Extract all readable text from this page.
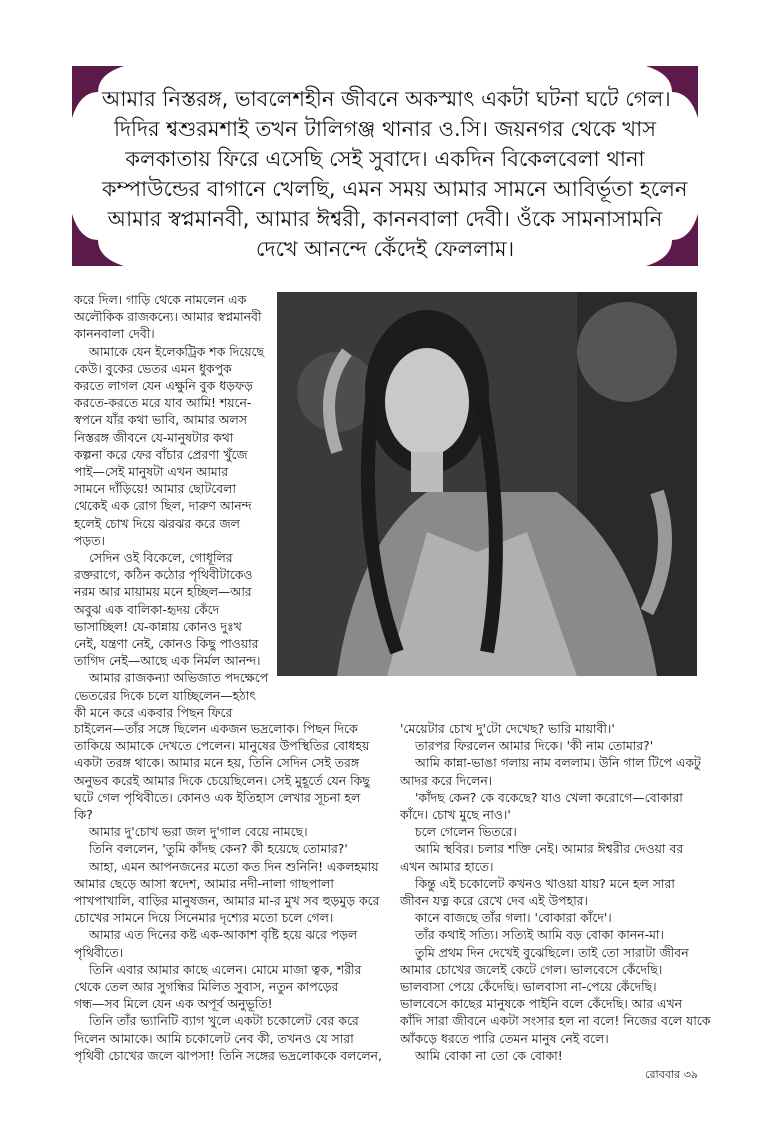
আমার নিস্তরঙ্গ, ভাবলেশহীন জীবনে অকস্মাৎ একটা ঘটনা ঘটে গেল।
দিদির শ্বশুরমশাই তখন টালিগঞ্জ থানার ও.সি। জয়নগর থেকে খাস
কলকাতায় ফিরে এসেছি সেই সুবাদে। একদিন বিকেলবেলা থানা
কম্পাউন্ডের বাগানে খেলছি, এমন সময় আমার সামনে আবির্ভূতা হলেন
আমার স্বপ্নমানবী, আমার ঈশ্বরী, কাননবালা দেবী। ওঁকে সামনাসামনি
দেখে আনন্দে কেঁদেই ফেললাম।

করে দিল। গাড়ি থেকে নামলেন এক

অলৌকিক রাজকন্যে। আমার স্বপ্নমানবী

কাননবালা দেবী।

আমাকে যেন ইলেকট্রিক শক দিয়েছে

কেউ। বুকের ভেতর এমন ধুকপুক

করতে লাগল যেন এক্ষুনি বুক ধড়ফড়

করতে-করতে মরে যাব আমি! শয়নে-

স্বপনে যাঁর কথা ভাবি, আমার অলস

নিস্তরঙ্গ জীবনে যে-মানুষটার কথা

কল্পনা করে ফের বাঁচার প্রেরণা খুঁজে

পাই—সেই মানুষটা এখন আমার

সামনে দাঁড়িয়ে! আমার ছোটবেলা

থেকেই এক রোগ ছিল, দারুণ আনন্দ

হলেই চোখ দিয়ে ঝরঝর করে জল

পড়ত।

সেদিন ওই বিকেলে, গোধূলির

রক্তরাগে, কঠিন কঠোর পৃথিবীটাকেও

নরম আর মায়াময় মনে হচ্ছিল—আর

অবুঝ এক বালিকা-হৃদয় কেঁদে

ভাসাচ্ছিল! যে-কান্নায় কোনও দুঃখ

নেই, যন্ত্রণা নেই, কোনও কিছু পাওয়ার

তাগিদ নেই—আছে এক নির্মল আনন্দ।

আমার রাজকন্যা অভিজাত পদক্ষেপে

ভেতরের দিকে চলে যাচ্ছিলেন—হঠাৎ

কী মনে করে একবার পিছন ফিরে

চাইলেন—তাঁর সঙ্গে ছিলেন একজন ভদ্রলোক। পিছন দিকে

তাকিয়ে আমাকে দেখতে পেলেন। মানুষের উপস্থিতির বোধহয়

একটা তরঙ্গ থাকে। আমার মনে হয়, তিনি সেদিন সেই তরঙ্গ

অনুভব করেই আমার দিকে চেয়েছিলেন। সেই মুহূর্তে যেন কিছু

ঘটে গেল পৃথিবীতে। কোনও এক ইতিহাস লেখার সূচনা হল

কি?

আমার দু'চোখ ভরা জল দু'গাল বেয়ে নামছে।

তিনি বললেন, 'তুমি কাঁদছ কেন? কী হয়েছে তোমার?'

আহা, এমন আপনজনের মতো কত দিন শুনিনি! একলহমায়

আমার ছেড়ে আসা স্বদেশ, আমার নদী-নালা গাছপালা

পাখপাখালি, বাড়ির মানুষজন, আমার মা-র মুখ সব হুড়মুড় করে

চোখের সামনে দিয়ে সিনেমার দৃশ্যের মতো চলে গেল।

আমার এত দিনের কষ্ট এক-আকাশ বৃষ্টি হয়ে ঝরে পড়ল

পৃথিবীতে।

তিনি এবার আমার কাছে এলেন। মোমে মাজা ত্বক, শরীর

থেকে তেল আর সুগন্ধির মিলিত সুবাস, নতুন কাপড়ের

গন্ধ—সব মিলে যেন এক অপূর্ব অনুভূতি!

তিনি তাঁর ভ্যানিটি ব্যাগ খুলে একটা চকোলেট বের করে

দিলেন আমাকে। আমি চকোলেট নেব কী, তখনও যে সারা

পৃথিবী চোখের জলে ঝাপসা! তিনি সঙ্গের ভদ্রলোককে বললেন,

'মেয়েটার চোখ দু'টো দেখেছ? ভারি মায়াবী।'

তারপর ফিরলেন আমার দিকে। 'কী নাম তোমার?'

আমি কান্না-ভাঙা গলায় নাম বললাম। উনি গাল টিপে একটু

আদর করে দিলেন।

'কাঁদছ কেন? কে বকেছে? যাও খেলা করোগে—বোকারা

কাঁদে। চোখ মুছে নাও।'

চলে গেলেন ভিতরে।

আমি স্থবির। চলার শক্তি নেই। আমার ঈশ্বরীর দেওয়া বর

এখন আমার হাতে।

কিন্তু এই চকোলেট কখনও খাওয়া যায়? মনে হল সারা

জীবন যত্ন করে রেখে দেব এই উপহার।

কানে বাজছে তাঁর গলা। 'বোকারা কাঁদে'।

তাঁর কথাই সত্যি। সত্যিই আমি বড় বোকা কানন-মা।

তুমি প্রথম দিন দেখেই বুঝেছিলে। তাই তো সারাটা জীবন

আমার চোখের জলেই কেটে গেল। ভালবেসে কেঁদেছি।

ভালবাসা পেয়ে কেঁদেছি। ভালবাসা না-পেয়ে কেঁদেছি।

ভালবেসে কাছের মানুষকে পাইনি বলে কেঁদেছি। আর এখন

কাঁদি সারা জীবনে একটা সংসার হল না বলে! নিজের বলে যাকে

আঁকড়ে ধরতে পারি তেমন মানুষ নেই বলে।

আমি বোকা না তো কে বোকা!

রোববার ৩৯
